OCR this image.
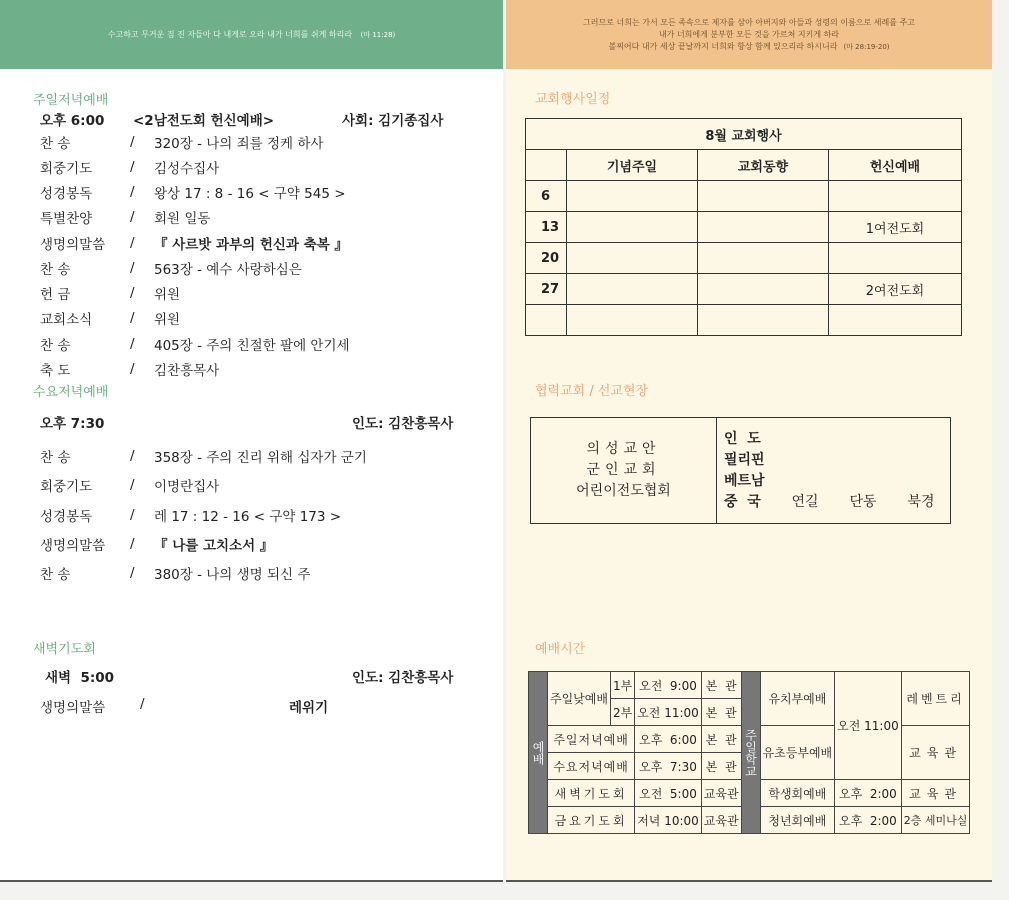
수고하고 무거운 짐 진 자들아 다 내게로 오라 내가 너희를 쉬게 하리라 (마 11:28)
주일저녁예배
오후 6:00 <2남전도회 헌신예배>	사회: 김기종집사
찬 송	/	320장 - 나의 죄를 정케 하사
회중기도	/	김성수집사
성경봉독	/	왕상 17 : 8 - 16 < 구약 545 >
특별찬양	/	회원 일동
생명의말씀	/	『 사르밧 과부의 헌신과 축복 』
찬 송	/	563장 - 예수 사랑하심은
헌 금	/	위원
교회소식	/	위원
찬 송	/	405장 - 주의 친절한 팔에 안기세
축 도	/	김찬흥목사
수요저녁예배
오후 7:30	인도: 김찬흥목사
찬 송	/	358장 - 주의 진리 위해 십자가 군기
회중기도	/	이명란집사
성경봉독	/	레 17 : 12 - 16 < 구약 173 >
생명의말씀	/	『 나를 고치소서 』
찬 송	/	380장 - 나의 생명 되신 주
새벽기도회
새벽  5:00	인도: 김찬흥목사
생명의말씀	/	레위기
그러므로 너희는 가서 모든 족속으로 제자를 삼아 아버지와 아들과 성령의 이름으로 세례를 주고
내가 너희에게 분부한 모든 것을 가르쳐 지키게 하라
볼찌어다 내가 세상 끝날까지 너희와 항상 함께 있으리라 하시니라 (마 28:19-20)
교회행사일정
8월 교회행사			
	기념주일	교회동향	헌신예배
6			
13			1여전도회
20			
27			2여전도회

협력교회 / 선교현장
의성교안
군인교회
어린이전도협회
인  도
필리핀
베트남
중  국	연길	단동	북경
예배시간
예배	주일낮예배	1부	오전  9:00	본  관	주일학교	유치부예배	오전 11:00	레벤트리
		2부	오전 11:00	본  관				
	주일저녁예배		오후  6:00	본  관		유초등부예배		교육관
	수요저녁예배		오후  7:30	본  관				
	새벽기도회		오전  5:00	교육관		학생회예배	오후  2:00	교육관
	금요기도회		저녁 10:00	교육관		청년회예배	오후  2:00	2층 세미나실
